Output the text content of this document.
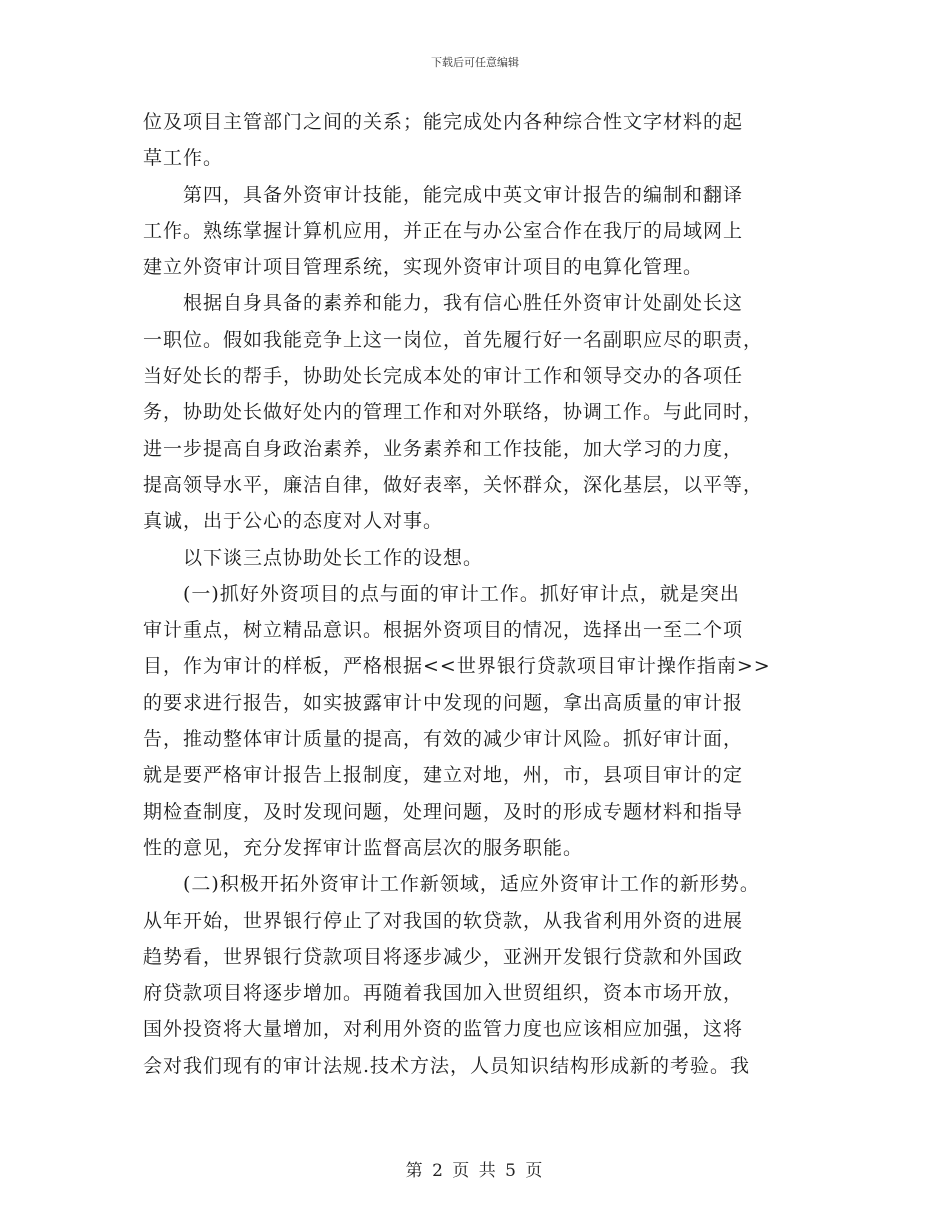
下载后可任意编辑
位及项目主管部门之间的关系；能完成处内各种综合性文字材料的起
草工作。
第四，具备外资审计技能，能完成中英文审计报告的编制和翻译
工作。熟练掌握计算机应用，并正在与办公室合作在我厅的局域网上
建立外资审计项目管理系统，实现外资审计项目的电算化管理。
根据自身具备的素养和能力，我有信心胜任外资审计处副处长这
一职位。假如我能竞争上这一岗位，首先履行好一名副职应尽的职责，
当好处长的帮手，协助处长完成本处的审计工作和领导交办的各项任
务，协助处长做好处内的管理工作和对外联络，协调工作。与此同时，
进一步提高自身政治素养，业务素养和工作技能，加大学习的力度，
提高领导水平，廉洁自律，做好表率，关怀群众，深化基层，以平等，
真诚，出于公心的态度对人对事。
以下谈三点协助处长工作的设想。
(一)抓好外资项目的点与面的审计工作。抓好审计点，就是突出
审计重点，树立精品意识。根据外资项目的情况，选择出一至二个项
目，作为审计的样板，严格根据<<世界银行贷款项目审计操作指南>>
的要求进行报告，如实披露审计中发现的问题，拿出高质量的审计报
告，推动整体审计质量的提高，有效的减少审计风险。抓好审计面，
就是要严格审计报告上报制度，建立对地，州，市，县项目审计的定
期检查制度，及时发现问题，处理问题，及时的形成专题材料和指导
性的意见，充分发挥审计监督高层次的服务职能。
(二)积极开拓外资审计工作新领域，适应外资审计工作的新形势。
从年开始，世界银行停止了对我国的软贷款，从我省利用外资的进展
趋势看，世界银行贷款项目将逐步减少，亚洲开发银行贷款和外国政
府贷款项目将逐步增加。再随着我国加入世贸组织，资本市场开放，
国外投资将大量增加，对利用外资的监管力度也应该相应加强，这将
会对我们现有的审计法规.技术方法，人员知识结构形成新的考验。我
第 2 页 共 5 页
